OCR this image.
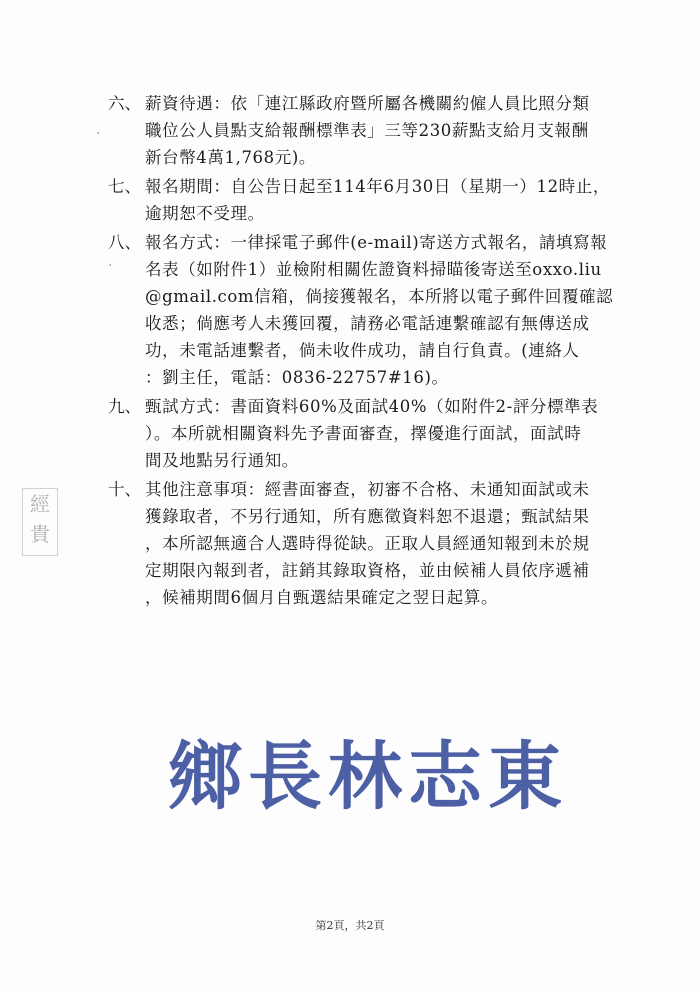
·
·
六、 薪資待遇：依「連江縣政府暨所屬各機關約僱人員比照分類
職位公人員點支給報酬標準表」三等230薪點支給月支報酬
新台幣4萬1,768元)。
七、 報名期間：自公告日起至114年6月30日（星期一）12時止，
逾期恕不受理。
八、 報名方式：一律採電子郵件(e-mail)寄送方式報名，請填寫報
名表（如附件1）並檢附相關佐證資料掃瞄後寄送至oxxo.liu
@gmail.com信箱，倘接獲報名，本所將以電子郵件回覆確認
收悉；倘應考人未獲回覆，請務必電話連繫確認有無傳送成
功，未電話連繫者，倘未收件成功，請自行負責。(連絡人
：劉主任，電話：0836-22757#16)。
九、 甄試方式：書面資料60%及面試40%（如附件2-評分標準表
）。本所就相關資料先予書面審查，擇優進行面試，面試時
間及地點另行通知。
十、 其他注意事項：經書面審查，初審不合格、未通知面試或未
獲錄取者，不另行通知，所有應徵資料恕不退還；甄試結果
，本所認無適合人選時得從缺。正取人員經通知報到未於規
定期限內報到者，註銷其錄取資格，並由候補人員依序遞補
，候補期間6個月自甄選結果確定之翌日起算。
經
貴
鄉長林志東
第2頁，共2頁
